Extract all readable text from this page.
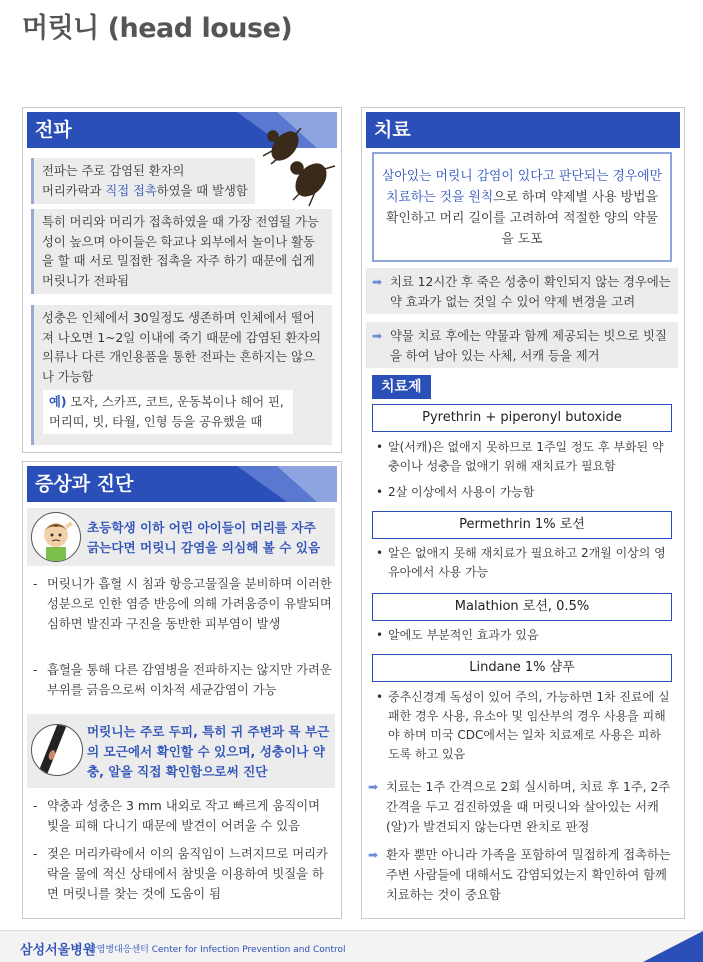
머릿니 (head louse)
전파
전파는 주로 감염된 환자의
머리카락과 직접 접촉하였을 때 발생함
특히 머리와 머리가 접촉하였을 때 가장 전염될 가능성이 높으며 아이들은 학교나 외부에서 놀이나 활동을 할 때 서로 밀접한 접촉을 자주 하기 때문에 쉽게 머릿니가 전파됨
성충은 인체에서 30일정도 생존하며 인체에서 떨어져 나오면 1~2일 이내에 죽기 때문에 감염된 환자의 의류나 다른 개인용품을 통한 전파는 흔하지는 않으나 가능함
예) 모자, 스카프, 코트, 운동복이나 헤어 핀, 머리띠, 빗, 타월, 인형 등을 공유했을 때
증상과 진단
초등학생 이하 어린 아이들이 머리를 자주 긁는다면 머릿니 감염을 의심해 볼 수 있음
- 머릿니가 흡혈 시 침과 항응고물질을 분비하며 이러한 성분으로 인한 염증 반응에 의해 가려움증이 유발되며 심하면 발진과 구진을 동반한 피부염이 발생
- 흡혈을 통해 다른 감염병을 전파하지는 않지만 가려운 부위를 긁음으로써 이차적 세균감염이 가능
머릿니는 주로 두피, 특히 귀 주변과 목 부근의 모근에서 확인할 수 있으며, 성충이나 약충, 알을 직접 확인함으로써 진단
- 약충과 성충은 3 mm 내외로 작고 빠르게 움직이며 빛을 피해 다니기 때문에 발견이 어려울 수 있음
- 젖은 머리카락에서 이의 움직임이 느려지므로 머리카락을 물에 적신 상태에서 참빗을 이용하여 빗질을 하면 머릿니를 찾는 것에 도움이 됨
치료
살아있는 머릿니 감염이 있다고 판단되는 경우에만 치료하는 것을 원칙으로 하며 약제별 사용 방법을 확인하고 머리 길이를 고려하여 적절한 양의 약물을 도포
➡ 치료 12시간 후 죽은 성충이 확인되지 않는 경우에는 약 효과가 없는 것일 수 있어 약제 변경을 고려
➡ 약물 치료 후에는 약물과 함께 제공되는 빗으로 빗질을 하여 남아 있는 사체, 서캐 등을 제거
치료제
Pyrethrin + piperonyl butoxide
• 알(서캐)은 없애지 못하므로 1주일 정도 후 부화된 약충이나 성충을 없애기 위해 재치료가 필요함
• 2살 이상에서 사용이 가능함
Permethrin 1% 로션
• 알은 없애지 못해 재치료가 필요하고 2개월 이상의 영유아에서 사용 가능
Malathion 로션, 0.5%
• 알에도 부분적인 효과가 있음
Lindane 1% 샴푸
• 중추신경계 독성이 있어 주의, 가능하면 1차 진료에 실패한 경우 사용, 유소아 및 임산부의 경우 사용을 피해야 하며 미국 CDC에서는 일차 치료제로 사용은 피하도록 하고 있음
➡ 치료는 1주 간격으로 2회 실시하며, 치료 후 1주, 2주 간격을 두고 검진하였을 때 머릿니와 살아있는 서캐(알)가 발견되지 않는다면 완치로 판정
➡ 환자 뿐만 아니라 가족을 포함하여 밀접하게 접촉하는 주변 사람들에 대해서도 감염되었는지 확인하여 함께 치료하는 것이 중요함
삼성서울병원
감염병대응센터 Center for Infection Prevention and Control
